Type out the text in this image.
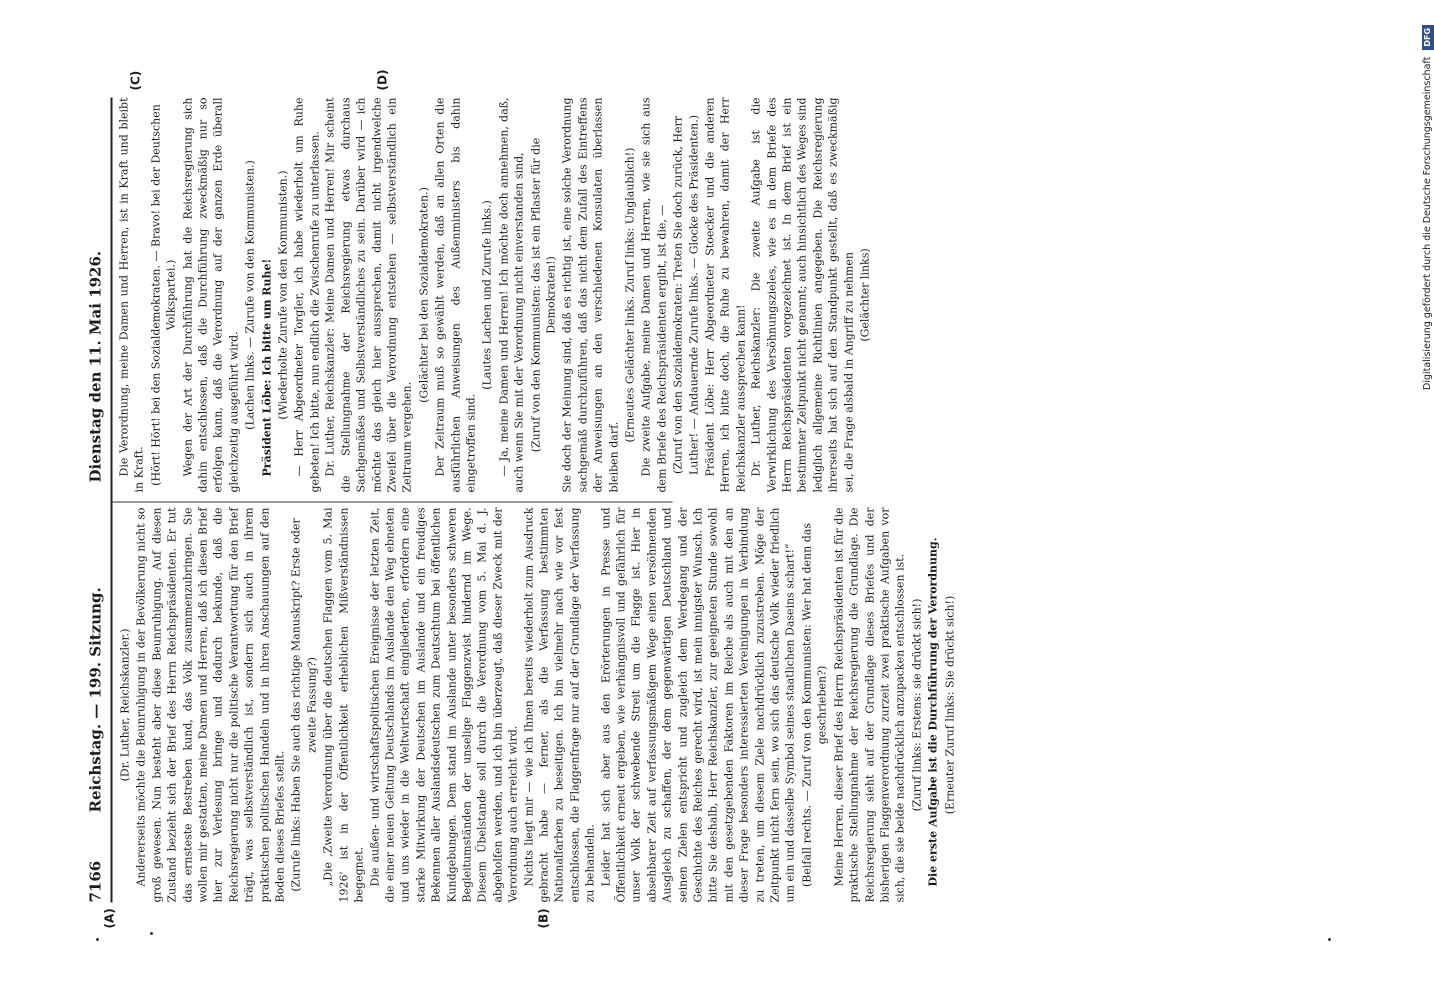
7166
Reichstag. — 199. Sitzung.
Dienstag den 11. Mai 1926.
(A)	(B)
(C)	(D)

(Dr. Luther, Reichskanzler.) Andererseits möchte die Beunruhigung in der Bevölkerung nicht so groß gewesen. Nun besteht aber diese Beunruhigung. Auf diesen Zustand bezieht sich der Brief des Herrn Reichspräsidenten. Er tut das ernsteste Bestreben kund, das Volk zusammenzubringen. Sie wollen mir gestatten, meine Damen und Herren, daß ich diesen Brief hier zur Verlesung bringe und dadurch bekunde, daß die Reichsregierung nicht nur die politische Verantwortung für den Brief trägt, was selbstverständlich ist, sondern sich auch in ihrem praktischen politischen Handeln und in ihren Anschauungen auf den Boden dieses Briefes stellt. (Zurufe links: Haben Sie auch das richtige Manuskript? Erste oder zweite Fassung?) „Die ‚Zweite Verordnung über die deutschen Flaggen vom 5. Mai 1926' ist in der Öffentlichkeit erheblichen Mißverständnissen begegnet. Die außen- und wirtschaftspolitischen Ereignisse der letzten Zeit, die einer neuen Geltung Deutschlands im Auslande den Weg ebneten und uns wieder in die Weltwirtschaft eingliederten, erfordern eine starke Mitwirkung der Deutschen im Auslande und ein freudiges Bekennen aller Auslandsdeutschen zum Deutschtum bei öffentlichen Kundgebungen. Dem stand im Auslande unter besonders schweren Begleitumständen der unselige Flaggenzwist hindernd im Wege. Diesem Übelstande soll durch die Verordnung vom 5. Mai d. J. abgeholfen werden, und ich bin überzeugt, daß dieser Zweck mit der Verordnung auch erreicht wird. Nichts liegt mir — wie ich Ihnen bereits wiederholt zum Ausdruck gebracht habe — ferner, als die Verfassung bestimmten Nationalfarben zu beseitigen. Ich bin vielmehr nach wie vor fest entschlossen, die Flaggenfrage nur auf der Grundlage der Verfassung zu behandeln. Leider hat sich aber aus den Erörterungen in Presse und Öffentlichkeit erneut ergeben, wie verhängnisvoll und gefährlich für unser Volk der schwebende Streit um die Flagge ist. Hier in absehbarer Zeit auf verfassungsmäßigem Wege einen versöhnenden Ausgleich zu schaffen, der dem gegenwärtigen Deutschland und seinen Zielen entspricht und zugleich dem Werdegang und der Geschichte des Reiches gerecht wird, ist mein innigster Wunsch. Ich bitte Sie deshalb, Herr Reichskanzler, zur geeigneten Stunde sowohl mit den gesetzgebenden Faktoren im Reiche als auch mit den an dieser Frage besonders interessierten Vereinigungen in Verbindung zu treten, um diesem Ziele nachdrücklich zuzustreben. Möge der Zeitpunkt nicht fern sein, wo sich das deutsche Volk wieder friedlich um ein und dasselbe Symbol seines staatlichen Daseins schart!“ (Beifall rechts. — Zuruf von den Kommunisten: Wer hat denn das geschrieben?) Meine Herren, dieser Brief des Herrn Reichspräsidenten ist für die praktische Stellungnahme der Reichsregierung die Grundlage. Die Reichsregierung sieht auf der Grundlage dieses Briefes und der bisherigen Flaggenverordnung zurzeit zwei praktische Aufgaben vor sich, die sie beide nachdrücklich anzupacken entschlossen ist. (Zuruf links: Erstens: sie drückt sich!) Die erste Aufgabe ist die Durchführung der Verordnung. (Erneuter Zuruf links: Sie drückt sich!)

Die Verordnung, meine Damen und Herren, ist in Kraft und bleibt in Kraft. (Hört! Hört! bei den Sozialdemokraten. — Bravo! bei der Deutschen Volkspartei.) Wegen der Art der Durchführung hat die Reichsregierung sich dahin entschlossen, daß die Durchführung zweckmäßig nur so erfolgen kann, daß die Verordnung auf der ganzen Erde überall gleichzeitig ausgeführt wird. (Lachen links. — Zurufe von den Kommunisten.) Präsident Löbe: Ich bitte um Ruhe! (Wiederholte Zurufe von den Kommunisten.) — Herr Abgeordneter Torgler, ich habe wiederholt um Ruhe gebeten! Ich bitte, nun endlich die Zwischenrufe zu unterlassen. Dr. Luther, Reichskanzler: Meine Damen und Herren! Mir scheint die Stellungnahme der Reichsregierung etwas durchaus Sachgemäßes und Selbstverständliches zu sein. Darüber wird — ich möchte das gleich hier aussprechen, damit nicht irgendwelche Zweifel über die Verordnung entstehen — selbstverständlich ein Zeitraum vergehen.

(Gelächter bei den Sozialdemokraten.) Der Zeitraum muß so gewählt werden, daß an allen Orten die ausführlichen Anweisungen des Außenministers bis dahin eingetroffen sind.

(Lautes Lachen und Zurufe links.) — Ja, meine Damen und Herren! Ich möchte doch annehmen, daß, auch wenn Sie mit der Verordnung nicht einverstanden sind, (Zuruf von den Kommunisten: das ist ein Pflaster für die Demokraten!) Sie doch der Meinung sind, daß es richtig ist, eine solche Verordnung sachgemäß durchzuführen, daß das nicht dem Zufall des Eintreffens der Anweisungen an den verschiedenen Konsulaten überlassen bleiben darf.

(Erneutes Gelächter links. Zuruf links: Unglaublich!) Die zweite Aufgabe, meine Damen und Herren, wie sie sich aus dem Briefe des Reichspräsidenten ergibt, ist die, — (Zuruf von den Sozialdemokraten: Treten Sie doch zurück, Herr Luther! — Andauernde Zurufe links. — Glocke des Präsidenten.) Präsident Löbe: Herr Abgeordneter Stoecker und die anderen Herren, ich bitte doch, die Ruhe zu bewahren, damit der Herr Reichskanzler aussprechen kann! Dr. Luther, Reichskanzler: Die zweite Aufgabe ist die Verwirklichung des Versöhnungszieles, wie es in dem Briefe des Herrn Reichspräsidenten vorgezeichnet ist. In dem Brief ist ein bestimmter Zeitpunkt nicht genannt; auch hinsichtlich des Weges sind lediglich allgemeine Richtlinien angegeben. Die Reichsregierung ihrerseits hat sich auf den Standpunkt gestellt, daß es zweckmäßig sei, die Frage alsbald in Angriff zu nehmen (Gelächter links)	Digitalisierung gefördert durch die Deutsche Forschungsgemeinschaft DFG
